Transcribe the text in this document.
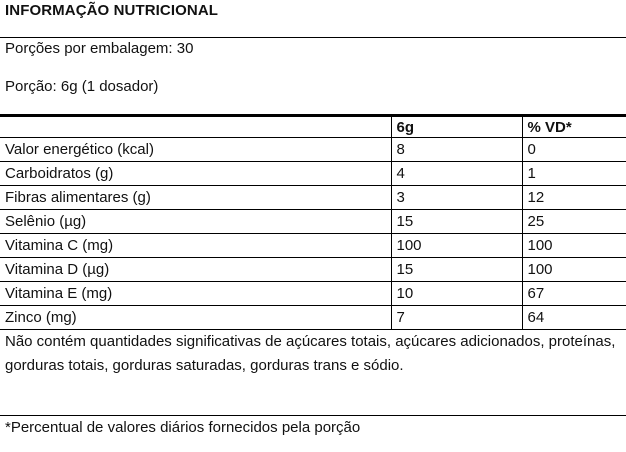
INFORMAÇÃO NUTRICIONAL
Porções por embalagem: 30
Porção: 6g (1 dosador)
	6g	% VD*
Valor energético (kcal)	8	0
Carboidratos (g)	4	1
Fibras alimentares (g)	3	12
Selênio (µg)	15	25
Vitamina C (mg)	100	100
Vitamina D (µg)	15	100
Vitamina E (mg)	10	67
Zinco (mg)	7	64
Não contém quantidades significativas de açúcares totais, açúcares adicionados, proteínas, gorduras totais, gorduras saturadas, gorduras trans e sódio.
*Percentual de valores diários fornecidos pela porção
